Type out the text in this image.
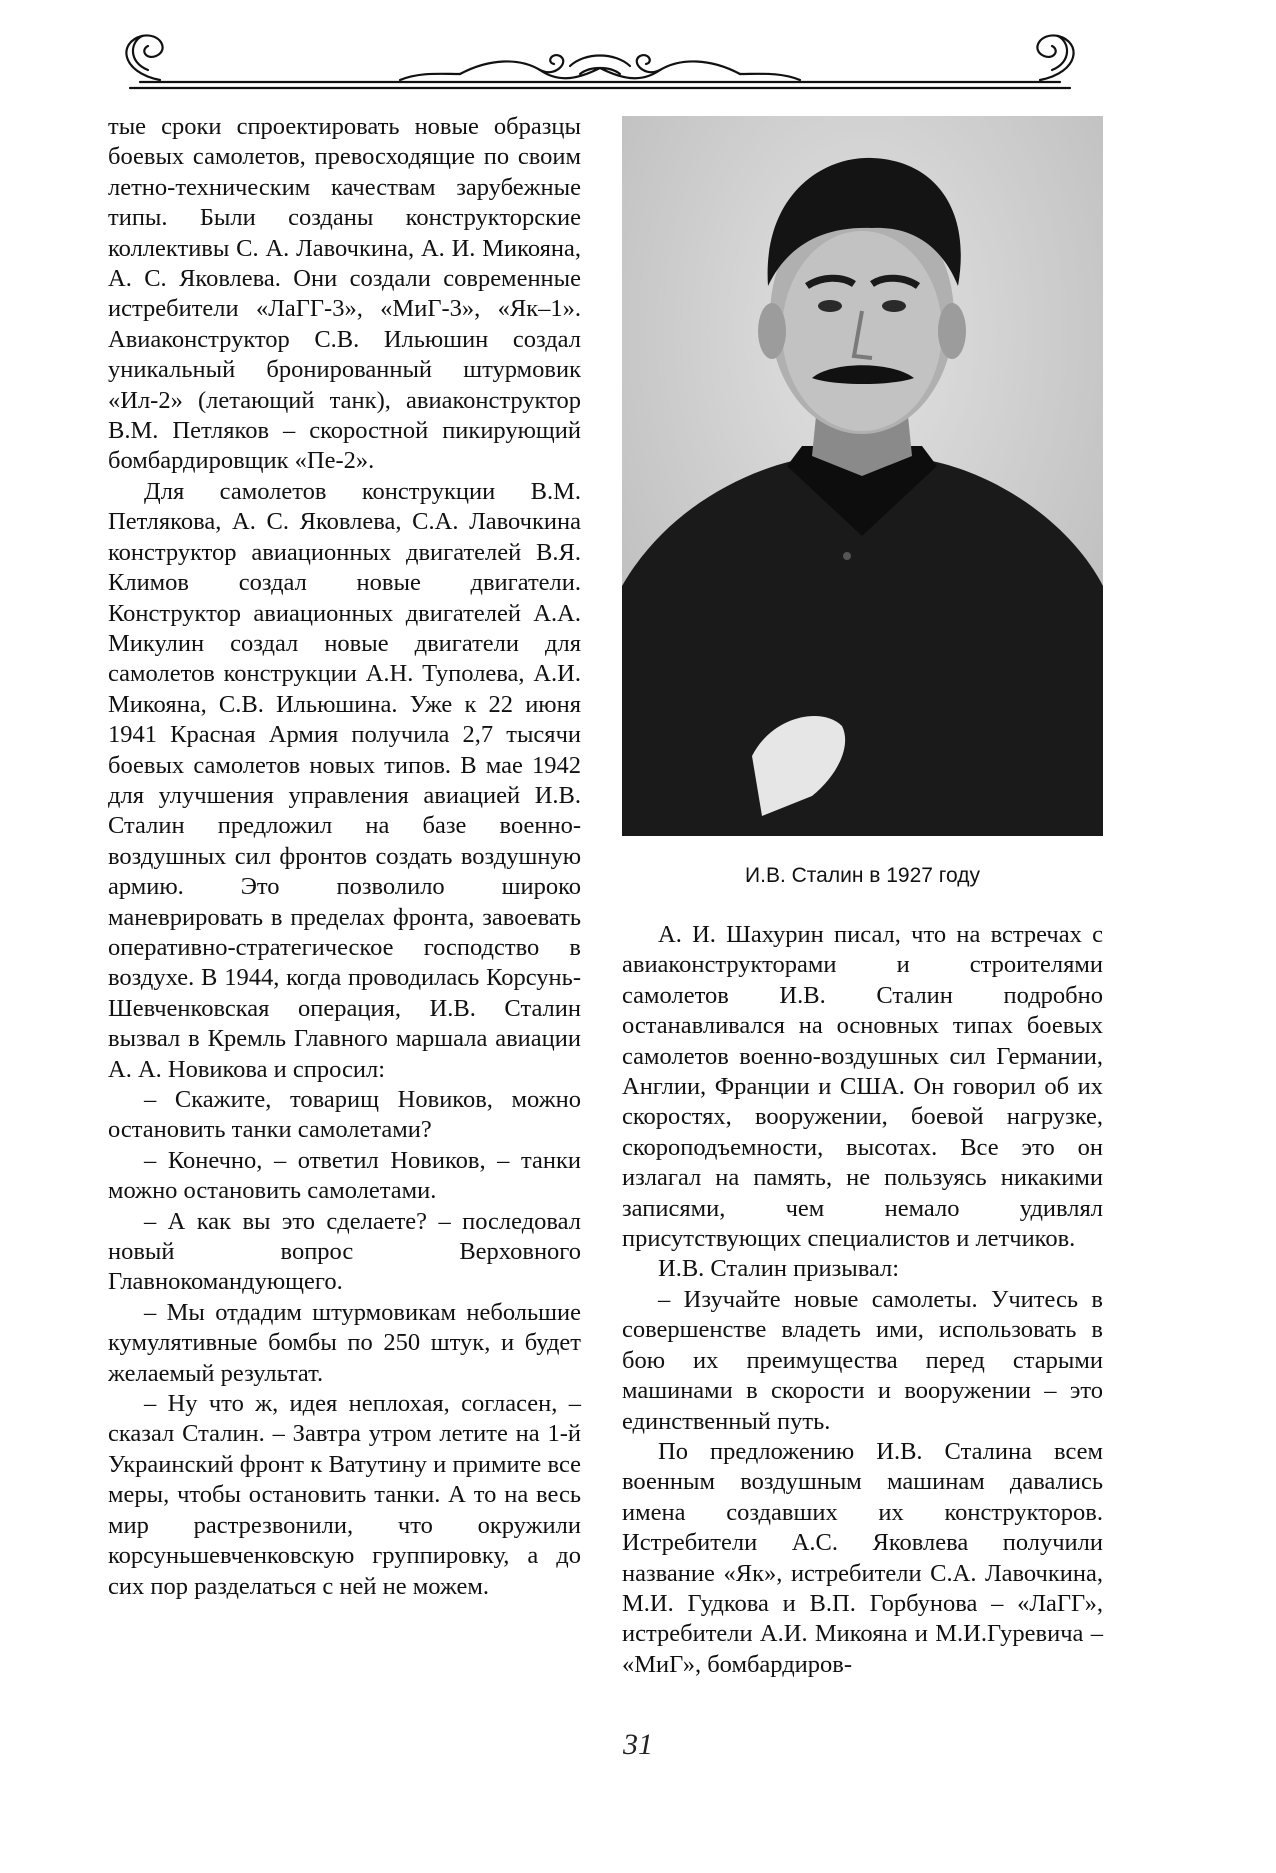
тые сроки спроектировать новые образцы боевых самолетов, превосходящие по своим летно-техническим качествам зарубежные типы. Были созданы конструкторские коллективы С. А. Лавочкина, А. И. Микояна, А. С. Яковлева. Они создали современные истребители «ЛаГГ-3», «МиГ-3», «Як–1». Авиаконструктор С.В. Ильюшин создал уникальный бронированный штурмовик «Ил-2» (летающий танк), авиаконструктор В.М. Петляков – скоростной пикирующий бомбардировщик «Пе-2».

Для самолетов конструкции В.М. Петлякова, А. С. Яковлева, С.А. Лавочкина конструктор авиационных двигателей В.Я. Климов создал новые двигатели. Конструктор авиационных двигателей А.А. Микулин создал новые двигатели для самолетов конструкции А.Н. Туполева, А.И. Микояна, С.В. Ильюшина. Уже к 22 июня 1941 Красная Армия получила 2,7 тысячи боевых самолетов новых типов. В мае 1942 для улучшения управления авиацией И.В. Сталин предложил на базе военно-воздушных сил фронтов создать воздушную армию. Это позволило широко маневрировать в пределах фронта, завоевать оперативно-стратегическое господство в воздухе. В 1944, когда проводилась Корсунь-Шевченковская операция, И.В. Сталин вызвал в Кремль Главного маршала авиации А. А. Новикова и спросил:

– Скажите, товарищ Новиков, можно остановить танки самолетами?

– Конечно, – ответил Новиков, – танки можно остановить самолетами.

– А как вы это сделаете? – последовал новый вопрос Верховного Главнокомандующего.

– Мы отдадим штурмовикам небольшие кумулятивные бомбы по 250 штук, и будет желаемый результат.

– Ну что ж, идея неплохая, согласен, – сказал Сталин. – Завтра утром летите на 1-й Украинский фронт к Ватутину и примите все меры, чтобы остановить танки. А то на весь мир растрезвонили, что окружили корсуньшевченковскую группировку, а до сих пор разделаться с ней не можем.

И.В. Сталин в 1927 году

А. И. Шахурин писал, что на встречах с авиаконструкторами и строителями самолетов И.В. Сталин подробно останавливался на основных типах боевых самолетов военно-воздушных сил Германии, Англии, Франции и США. Он говорил об их скоростях, вооружении, боевой нагрузке, скороподъемности, высотах. Все это он излагал на память, не пользуясь никакими записями, чем немало удивлял присутствующих специалистов и летчиков.

И.В. Сталин призывал:

– Изучайте новые самолеты. Учитесь в совершенстве владеть ими, использовать в бою их преимущества перед старыми машинами в скорости и вооружении – это единственный путь.

По предложению И.В. Сталина всем военным воздушным машинам давались имена создавших их конструкторов. Истребители А.С. Яковлева получили название «Як», истребители С.А. Лавочкина, М.И. Гудкова и В.П. Горбунова – «ЛаГГ», истребители А.И. Микояна и М.И.Гуревича – «МиГ», бомбардиров-

31
